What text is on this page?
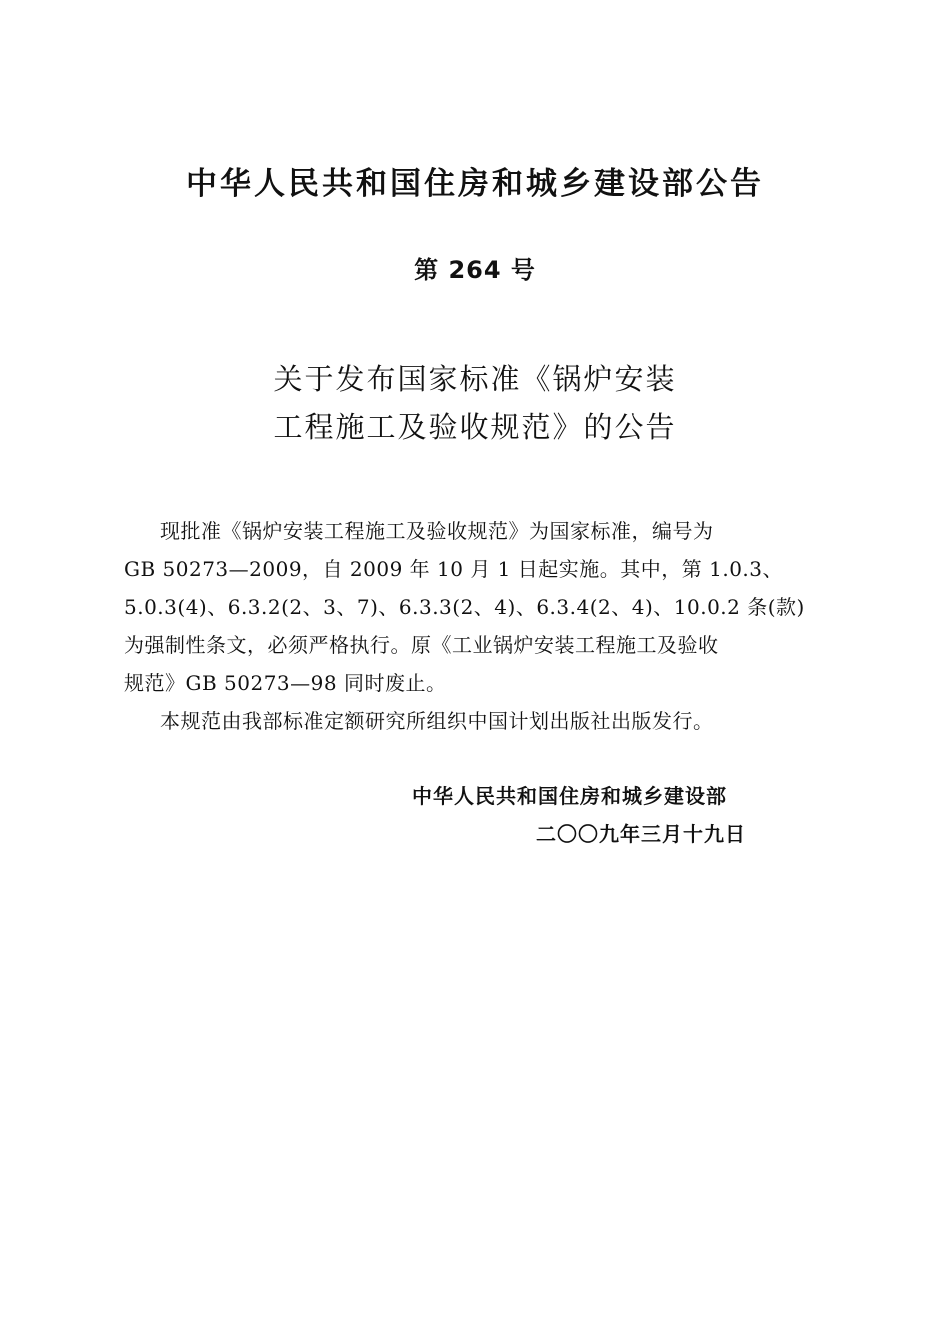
中华人民共和国住房和城乡建设部公告
第 264 号
关于发布国家标准《锅炉安装
工程施工及验收规范》的公告
现批准《锅炉安装工程施工及验收规范》为国家标准，编号为
GB 50273—2009，自 2009 年 10 月 1 日起实施。其中，第 1.0.3、
5.0.3(4)、6.3.2(2、3、7)、6.3.3(2、4)、6.3.4(2、4)、10.0.2 条(款)
为强制性条文，必须严格执行。原《工业锅炉安装工程施工及验收
规范》GB 50273—98 同时废止。
本规范由我部标准定额研究所组织中国计划出版社出版发行。
中华人民共和国住房和城乡建设部
二〇〇九年三月十九日
